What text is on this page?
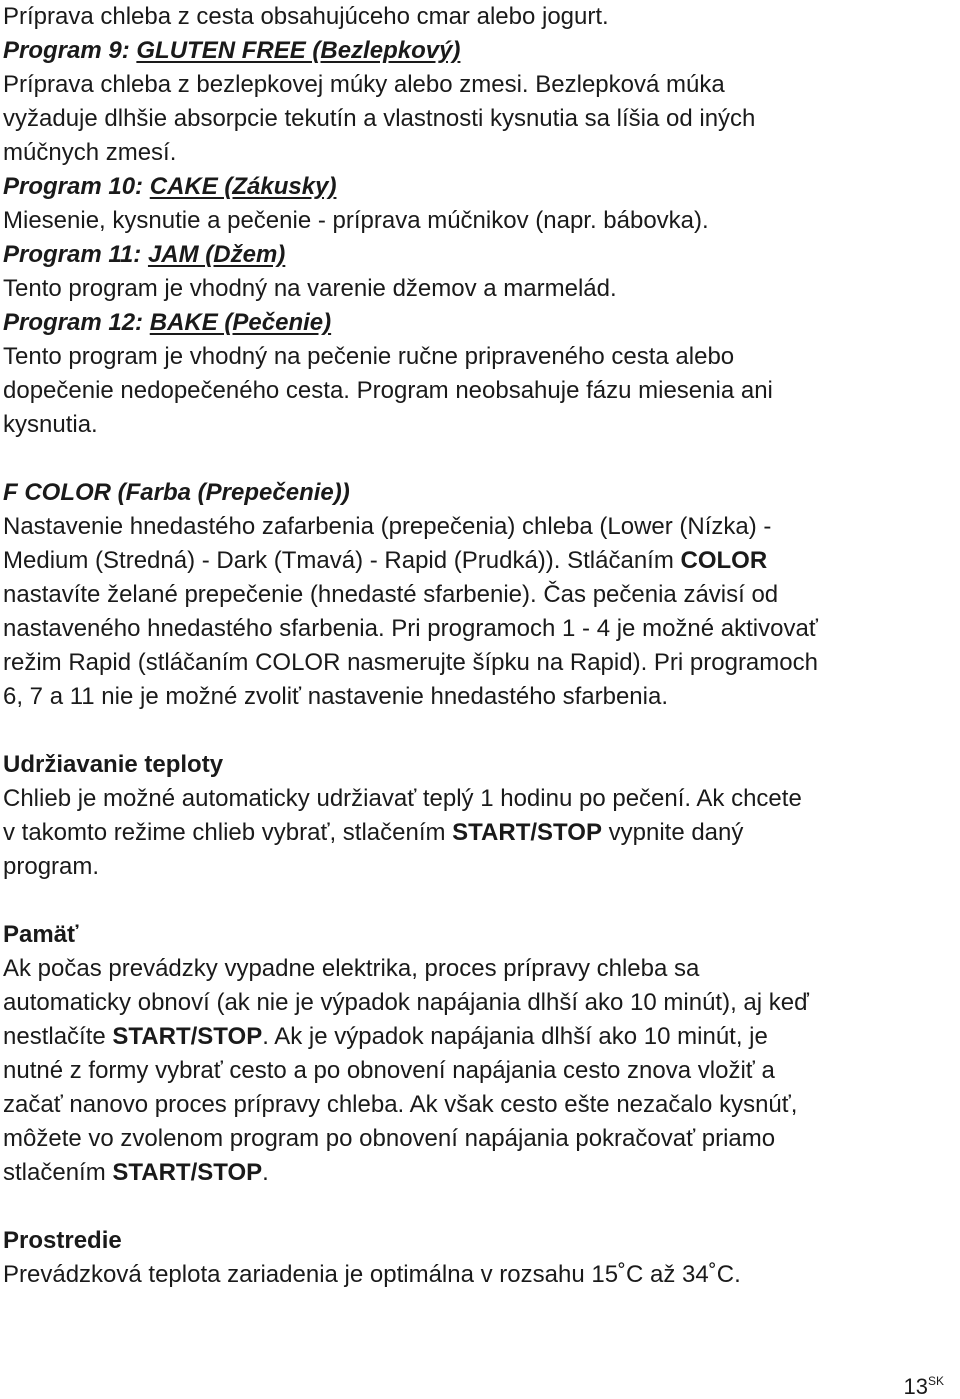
Príprava chleba z cesta obsahujúceho cmar alebo jogurt.
Program 9: GLUTEN FREE (Bezlepkový)
Príprava chleba z bezlepkovej múky alebo zmesi. Bezlepková múka
vyžaduje dlhšie absorpcie tekutín a vlastnosti kysnutia sa líšia od iných
múčnych zmesí.
Program 10: CAKE (Zákusky)
Miesenie, kysnutie a pečenie - príprava múčnikov (napr. bábovka).
Program 11: JAM (Džem)
Tento program je vhodný na varenie džemov a marmelád.
Program 12: BAKE (Pečenie)
Tento program je vhodný na pečenie ručne pripraveného cesta alebo
dopečenie nedopečeného cesta. Program neobsahuje fázu miesenia ani
kysnutia.
F COLOR (Farba (Prepečenie))
Nastavenie hnedastého zafarbenia (prepečenia) chleba (Lower (Nízka) -
Medium (Stredná) - Dark (Tmavá) - Rapid (Prudká)). Stláčaním COLOR
nastavíte želané prepečenie (hnedasté sfarbenie). Čas pečenia závisí od
nastaveného hnedastého sfarbenia. Pri programoch 1 - 4 je možné aktivovať
režim Rapid (stláčaním COLOR nasmerujte šípku na Rapid). Pri programoch
6, 7 a 11 nie je možné zvoliť nastavenie hnedastého sfarbenia.
Udržiavanie teploty
Chlieb je možné automaticky udržiavať teplý 1 hodinu po pečení. Ak chcete
v takomto režime chlieb vybrať, stlačením START/STOP vypnite daný
program.
Pamäť
Ak počas prevádzky vypadne elektrika, proces prípravy chleba sa
automaticky obnoví (ak nie je výpadok napájania dlhší ako 10 minút), aj keď
nestlačíte START/STOP. Ak je výpadok napájania dlhší ako 10 minút, je
nutné z formy vybrať cesto a po obnovení napájania cesto znova vložiť a
začať nanovo proces prípravy chleba. Ak však cesto ešte nezačalo kysnúť,
môžete vo zvolenom program po obnovení napájania pokračovať priamo
stlačením START/STOP.
Prostredie
Prevádzková teplota zariadenia je optimálna v rozsahu 15˚C až 34˚C.
$13^{SK}$
